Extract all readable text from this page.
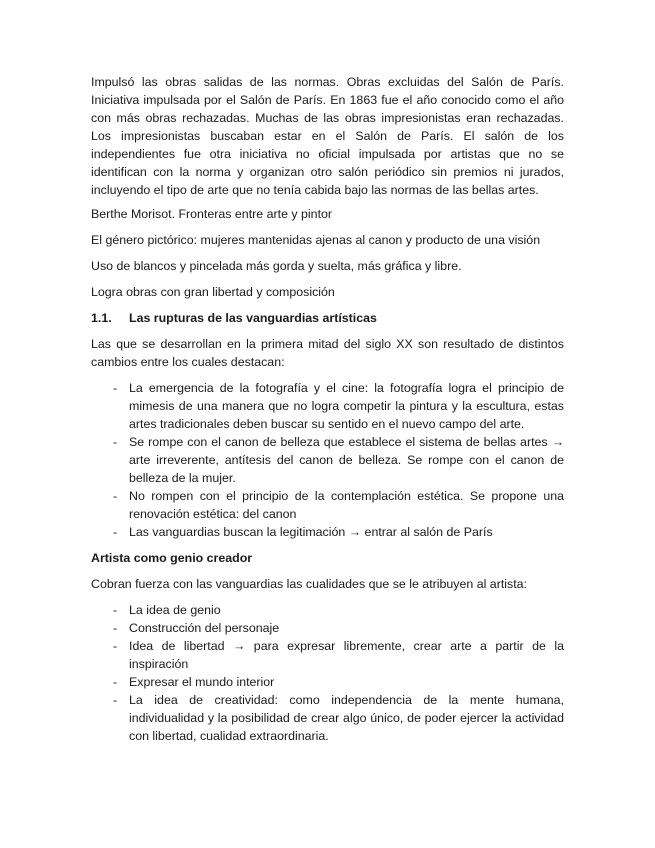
Impulsó las obras salidas de las normas. Obras excluidas del Salón de París. Iniciativa impulsada por el Salón de París. En 1863 fue el año conocido como el año con más obras rechazadas. Muchas de las obras impresionistas eran rechazadas. Los impresionistas buscaban estar en el Salón de París. El salón de los independientes fue otra iniciativa no oficial impulsada por artistas que no se identifican con la norma y organizan otro salón periódico sin premios ni jurados, incluyendo el tipo de arte que no tenía cabida bajo las normas de las bellas artes.

Berthe Morisot. Fronteras entre arte y pintor

El género pictórico: mujeres mantenidas ajenas al canon y producto de una visión

Uso de blancos y pincelada más gorda y suelta, más gráfica y libre.

Logra obras con gran libertad y composición

1.1.	Las rupturas de las vanguardias artísticas

Las que se desarrollan en la primera mitad del siglo XX son resultado de distintos cambios entre los cuales destacan:

- La emergencia de la fotografía y el cine: la fotografía logra el principio de mimesis de una manera que no logra competir la pintura y la escultura, estas artes tradicionales deben buscar su sentido en el nuevo campo del arte.
- Se rompe con el canon de belleza que establece el sistema de bellas artes → arte irreverente, antítesis del canon de belleza. Se rompe con el canon de belleza de la mujer.
- No rompen con el principio de la contemplación estética. Se propone una renovación estética: del canon
- Las vanguardias buscan la legitimación → entrar al salón de París
Artista como genio creador

Cobran fuerza con las vanguardias las cualidades que se le atribuyen al artista:

- La idea de genio
- Construcción del personaje
- Idea de libertad → para expresar libremente, crear arte a partir de la inspiración
- Expresar el mundo interior
- La idea de creatividad: como independencia de la mente humana, individualidad y la posibilidad de crear algo único, de poder ejercer la actividad con libertad, cualidad extraordinaria.
